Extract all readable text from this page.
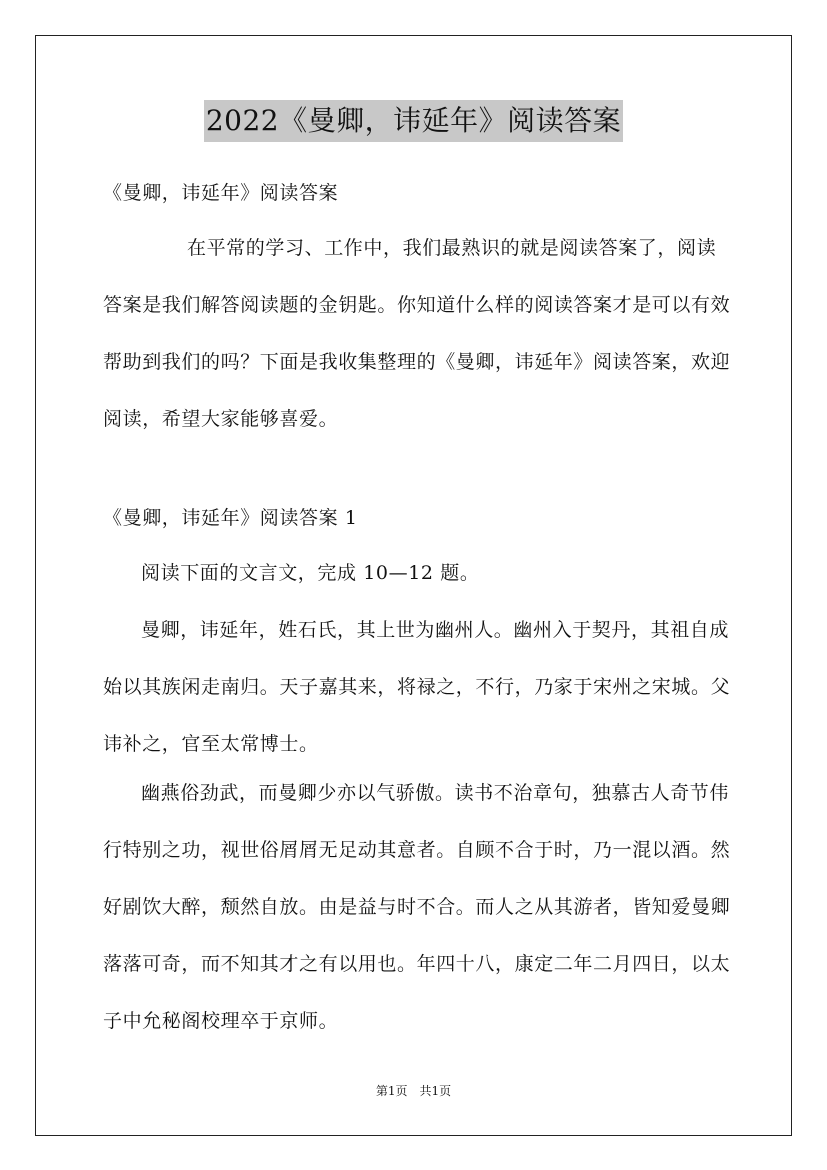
2022《曼卿，讳延年》阅读答案

《曼卿，讳延年》阅读答案

在平常的学习、工作中，我们最熟识的就是阅读答案了，阅读答案是我们解答阅读题的金钥匙。你知道什么样的阅读答案才是可以有效帮助到我们的吗？下面是我收集整理的《曼卿，讳延年》阅读答案，欢迎阅读，希望大家能够喜爱。

《曼卿，讳延年》阅读答案 1

阅读下面的文言文，完成 10—12 题。

曼卿，讳延年，姓石氏，其上世为幽州人。幽州入于契丹，其祖自成始以其族闲走南归。天子嘉其来，将禄之，不行，乃家于宋州之宋城。父讳补之，官至太常博士。

幽燕俗劲武，而曼卿少亦以气骄傲。读书不治章句，独慕古人奇节伟行特别之功，视世俗屑屑无足动其意者。自顾不合于时，乃一混以酒。然好剧饮大醉，颓然自放。由是益与时不合。而人之从其游者，皆知爱曼卿落落可奇，而不知其才之有以用也。年四十八，康定二年二月四日，以太子中允秘阁校理卒于京师。

第1页　共1页
